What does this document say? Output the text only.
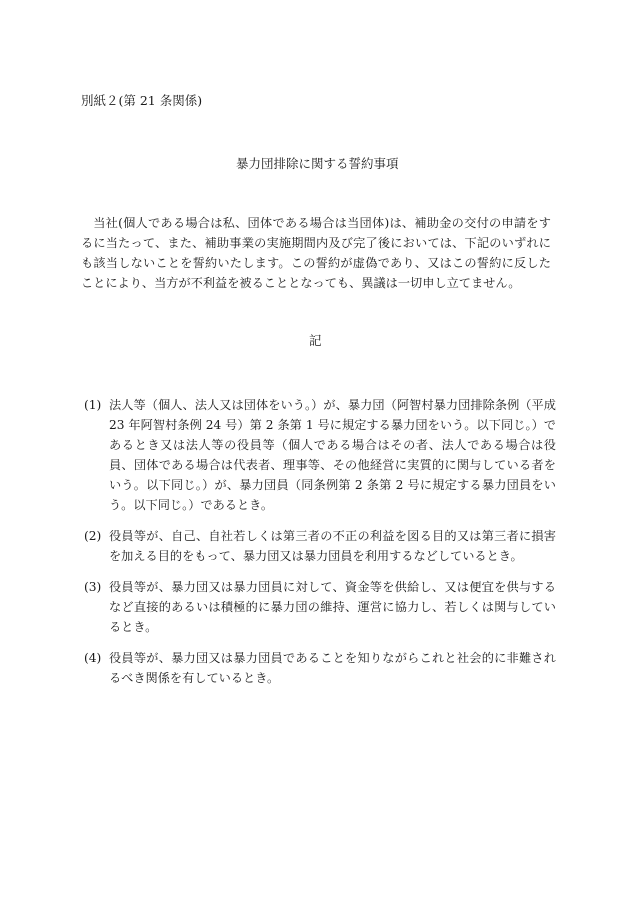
別紙２(第 21 条関係)
暴力団排除に関する誓約事項

当社(個人である場合は私、団体である場合は当団体)は、補助金の交付の申請をするに当たって、また、補助事業の実施期間内及び完了後においては、下記のいずれにも該当しないことを誓約いたします。この誓約が虚偽であり、又はこの誓約に反したことにより、当方が不利益を被ることとなっても、異議は一切申し立てません。

記
(1) 法人等（個人、法人又は団体をいう。）が、暴力団（阿智村暴力団排除条例（平成 23 年阿智村条例 24 号）第 2 条第 1 号に規定する暴力団をいう。以下同じ。）であるとき又は法人等の役員等（個人である場合はその者、法人である場合は役員、団体である場合は代表者、理事等、その他経営に実質的に関与している者をいう。以下同じ。）が、暴力団員（同条例第 2 条第 2 号に規定する暴力団員をいう。以下同じ。）であるとき。
(2) 役員等が、自己、自社若しくは第三者の不正の利益を図る目的又は第三者に損害を加える目的をもって、暴力団又は暴力団員を利用するなどしているとき。
(3) 役員等が、暴力団又は暴力団員に対して、資金等を供給し、又は便宜を供与するなど直接的あるいは積極的に暴力団の維持、運営に協力し、若しくは関与しているとき。
(4) 役員等が、暴力団又は暴力団員であることを知りながらこれと社会的に非難されるべき関係を有しているとき。
